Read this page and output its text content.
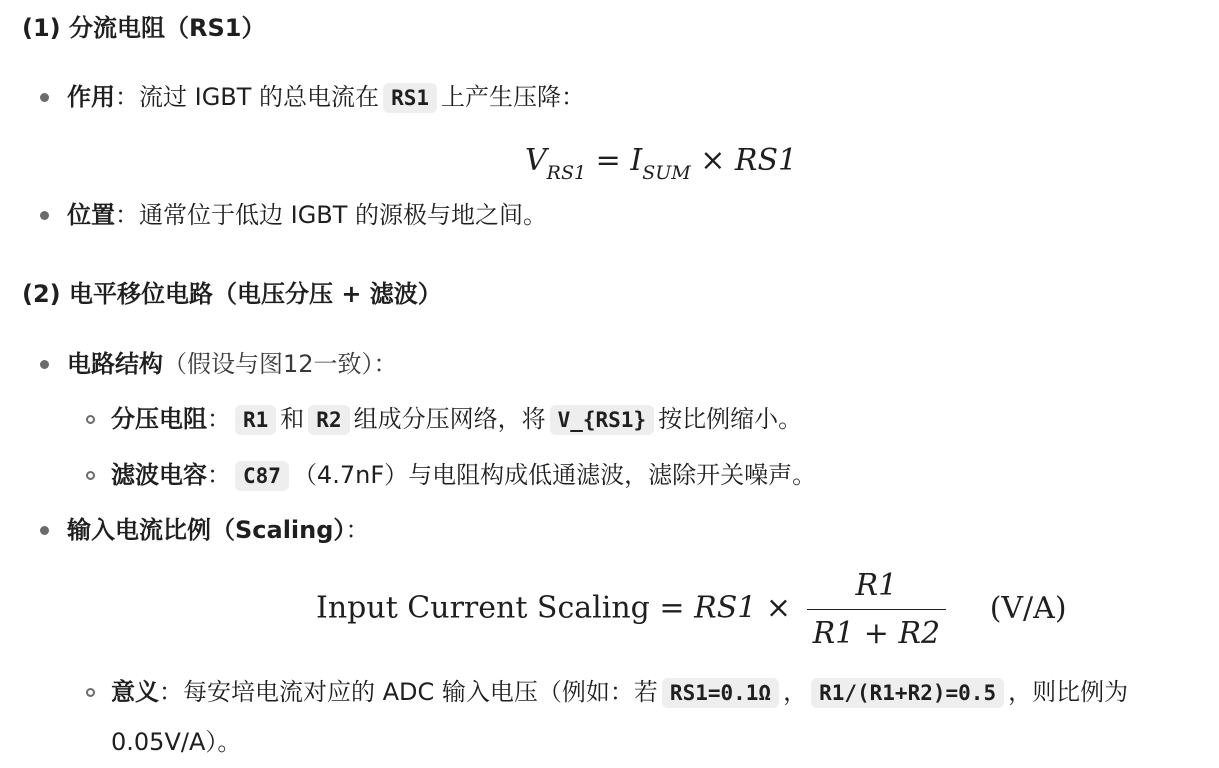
(1) 分流电阻（RS1）
作用：流过 IGBT 的总电流在 RS1 上产生压降：
$V_{RS1} = I_{SUM} \times RS1$
位置：通常位于低边 IGBT 的源极与地之间。
(2) 电平移位电路（电压分压 + 滤波）
电路结构（假设与图12一致）：
分压电阻： R1 和 R2 组成分压网络，将 V_{RS1} 按比例缩小。
滤波电容： C87 （4.7nF）与电阻构成低通滤波，滤除开关噪声。
输入电流比例（Scaling）：
Input Current Scaling = $RS1 \times \frac{R1}{R1 + R2} (V/A)$
意义：每安培电流对应的 ADC 输入电压（例如：若 RS1=0.1Ω ， R1/(R1+R2)=0.5 ，则比例为
0.05V/A）。
